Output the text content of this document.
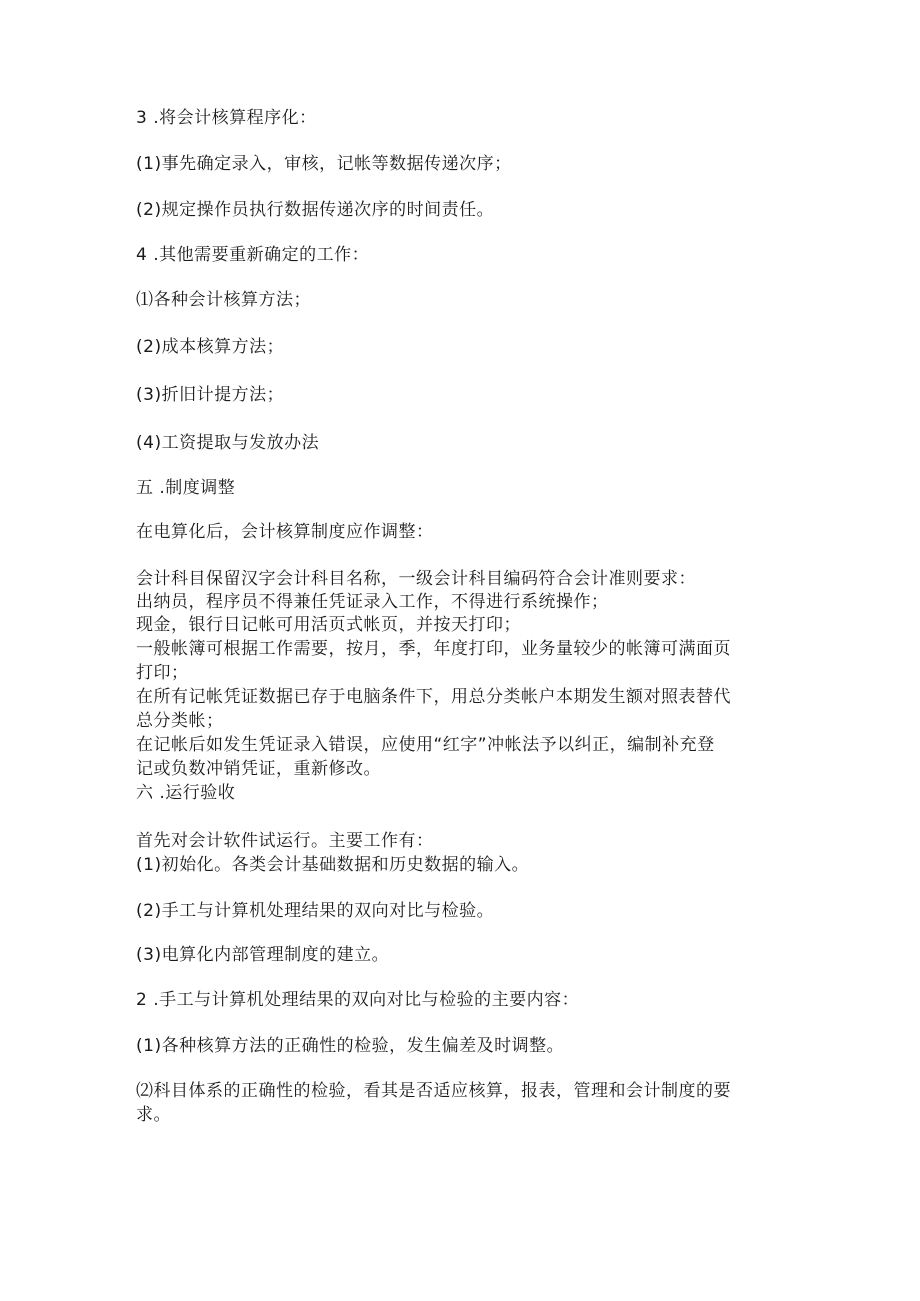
3 .将会计核算程序化：
(1)事先确定录入，审核，记帐等数据传递次序；
(2)规定操作员执行数据传递次序的时间责任。
4 .其他需要重新确定的工作：
⑴各种会计核算方法；
(2)成本核算方法；
(3)折旧计提方法；
(4)工资提取与发放办法
五 .制度调整
在电算化后，会计核算制度应作调整：
会计科目保留汉字会计科目名称，一级会计科目编码符合会计准则要求：
出纳员，程序员不得兼任凭证录入工作，不得进行系统操作；
现金，银行日记帐可用活页式帐页，并按天打印；
一般帐簿可根据工作需要，按月，季，年度打印，业务量较少的帐簿可满面页
打印；
在所有记帐凭证数据已存于电脑条件下，用总分类帐户本期发生额对照表替代
总分类帐；
在记帐后如发生凭证录入错误，应使用“红字”冲帐法予以纠正，编制补充登
记或负数冲销凭证，重新修改。
六 .运行验收
首先对会计软件试运行。主要工作有：
(1)初始化。各类会计基础数据和历史数据的输入。
(2)手工与计算机处理结果的双向对比与检验。
(3)电算化内部管理制度的建立。
2 .手工与计算机处理结果的双向对比与检验的主要内容：
(1)各种核算方法的正确性的检验，发生偏差及时调整。
⑵科目体系的正确性的检验，看其是否适应核算，报表，管理和会计制度的要
求。
